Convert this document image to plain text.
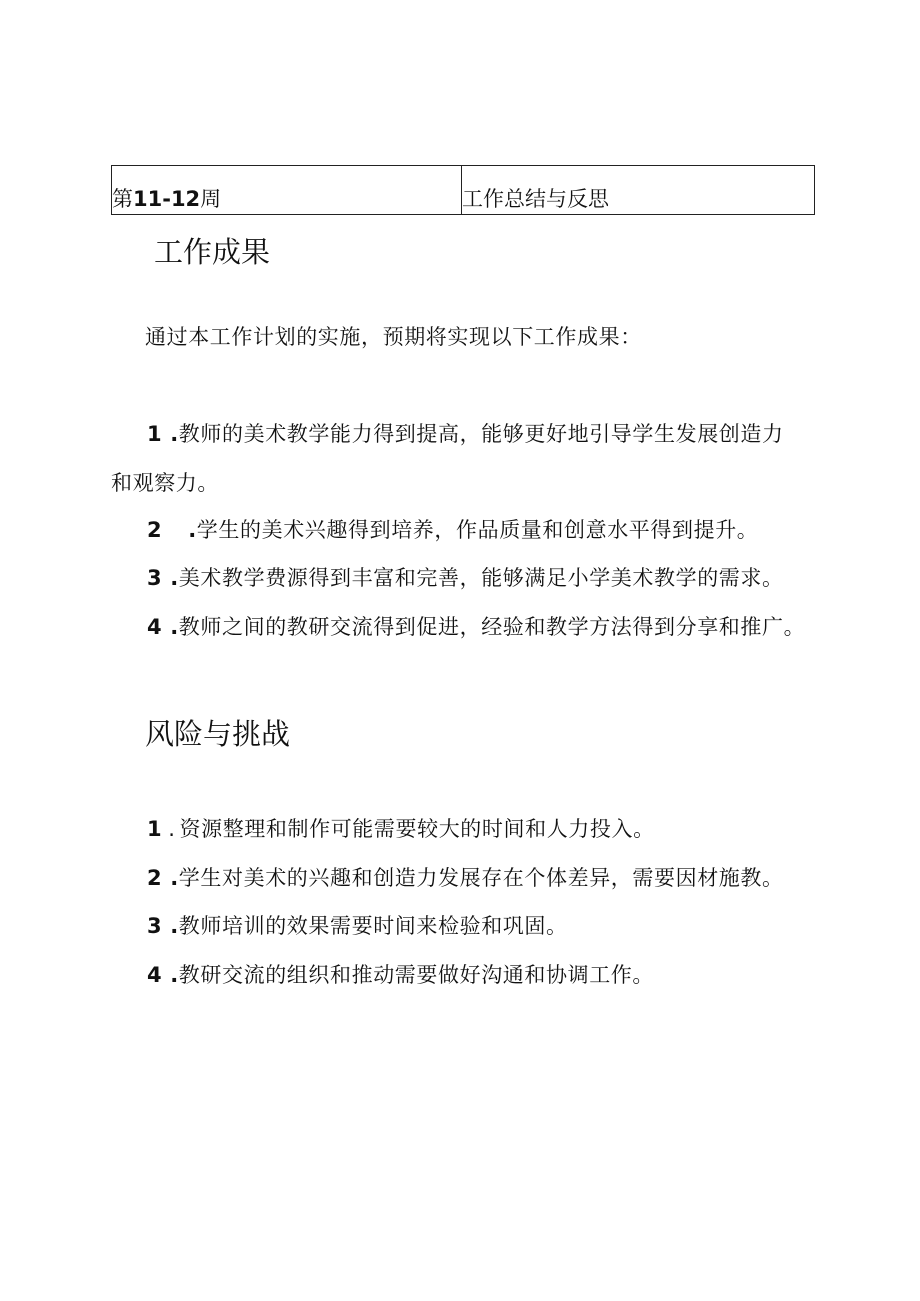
第11-12周	工作总结与反思
工作成果

通过本工作计划的实施，预期将实现以下工作成果：

1 .教师的美术教学能力得到提高，能够更好地引导学生发展创造力
和观察力。
2 .学生的美术兴趣得到培养，作品质量和创意水平得到提升。
3 .美术教学费源得到丰富和完善，能够满足小学美术教学的需求。
4 .教师之间的教研交流得到促进，经验和教学方法得到分享和推广。
风险与挑战
1 . 资源整理和制作可能需要较大的时间和人力投入。
2 .学生对美术的兴趣和创造力发展存在个体差异，需要因材施教。
3 .教师培训的效果需要时间来检验和巩固。
4 .教研交流的组织和推动需要做好沟通和协调工作。
